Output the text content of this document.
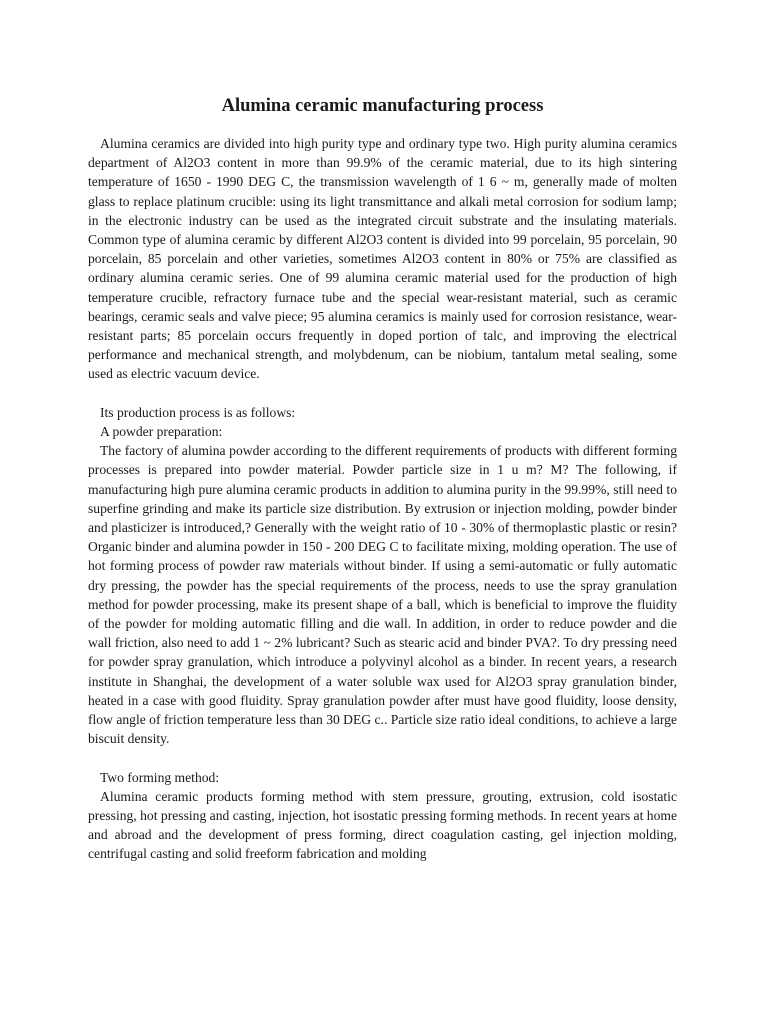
Alumina ceramic manufacturing process

Alumina ceramics are divided into high purity type and ordinary type two. High purity alumina ceramics department of Al2O3 content in more than 99.9% of the ceramic material, due to its high sintering temperature of 1650 - 1990 DEG C, the transmission wavelength of 1 6 ~ m, generally made of molten glass to replace platinum crucible: using its light transmittance and alkali metal corrosion for sodium lamp; in the electronic industry can be used as the integrated circuit substrate and the insulating materials. Common type of alumina ceramic by different Al2O3 content is divided into 99 porcelain, 95 porcelain, 90 porcelain, 85 porcelain and other varieties, sometimes Al2O3 content in 80% or 75% are classified as ordinary alumina ceramic series. One of 99 alumina ceramic material used for the production of high temperature crucible, refractory furnace tube and the special wear-resistant material, such as ceramic bearings, ceramic seals and valve piece; 95 alumina ceramics is mainly used for corrosion resistance, wear-resistant parts; 85 porcelain occurs frequently in doped portion of talc, and improving the electrical performance and mechanical strength, and molybdenum, can be niobium, tantalum metal sealing, some used as electric vacuum device.

Its production process is as follows:

A powder preparation:

The factory of alumina powder according to the different requirements of products with different forming processes is prepared into powder material. Powder particle size in 1 u m? M? The following, if manufacturing high pure alumina ceramic products in addition to alumina purity in the 99.99%, still need to superfine grinding and make its particle size distribution. By extrusion or injection molding, powder binder and plasticizer is introduced,? Generally with the weight ratio of 10 - 30% of thermoplastic plastic or resin? Organic binder and alumina powder in 150 - 200 DEG C to facilitate mixing, molding operation. The use of hot forming process of powder raw materials without binder. If using a semi-automatic or fully automatic dry pressing, the powder has the special requirements of the process, needs to use the spray granulation method for powder processing, make its present shape of a ball, which is beneficial to improve the fluidity of the powder for molding automatic filling and die wall. In addition, in order to reduce powder and die wall friction, also need to add 1 ~ 2% lubricant? Such as stearic acid and binder PVA?. To dry pressing need for powder spray granulation, which introduce a polyvinyl alcohol as a binder. In recent years, a research institute in Shanghai, the development of a water soluble wax used for Al2O3 spray granulation binder, heated in a case with good fluidity. Spray granulation powder after must have good fluidity, loose density, flow angle of friction temperature less than 30 DEG c.. Particle size ratio ideal conditions, to achieve a large biscuit density.

Two forming method:

Alumina ceramic products forming method with stem pressure, grouting, extrusion, cold isostatic pressing, hot pressing and casting, injection, hot isostatic pressing forming methods. In recent years at home and abroad and the development of press forming, direct coagulation casting, gel injection molding, centrifugal casting and solid freeform fabrication and molding
